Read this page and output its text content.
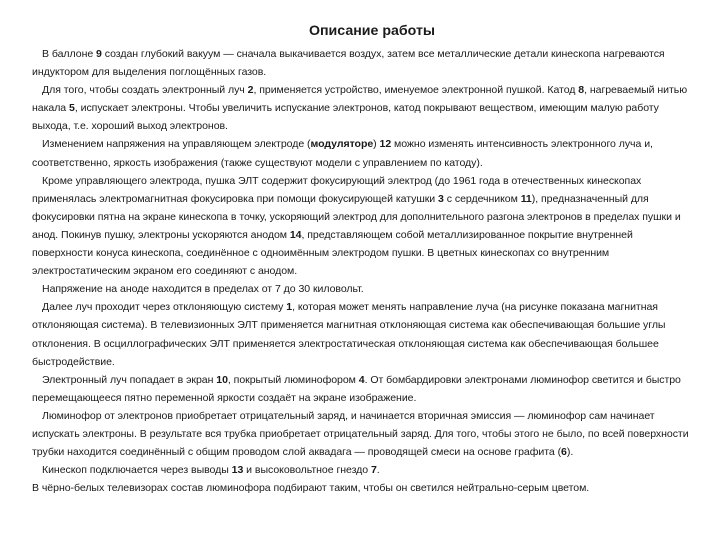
Описание работы

В баллоне 9 создан глубокий вакуум — сначала выкачивается воздух, затем все металлические детали кинескопа нагреваются индуктором для выделения поглощённых газов.

Для того, чтобы создать электронный луч 2, применяется устройство, именуемое электронной пушкой. Катод 8, нагреваемый нитью накала 5, испускает электроны. Чтобы увеличить испускание электронов, катод покрывают веществом, имеющим малую работу выхода, т.е. хороший выход электронов.

Изменением напряжения на управляющем электроде (модуляторе) 12 можно изменять интенсивность электронного луча и, соответственно, яркость изображения (также существуют модели с управлением по катоду).

Кроме управляющего электрода, пушка ЭЛТ содержит фокусирующий электрод (до 1961 года в отечественных кинескопах применялась электромагнитная фокусировка при помощи фокусирующей катушки 3 с сердечником 11), предназначенный для фокусировки пятна на экране кинескопа в точку, ускоряющий электрод для дополнительного разгона электронов в пределах пушки и анод. Покинув пушку, электроны ускоряются анодом 14, представляющем собой металлизированное покрытие внутренней поверхности конуса кинескопа, соединённое с одноимённым электродом пушки. В цветных кинескопах со внутренним электростатическим экраном его соединяют с анодом.

Напряжение на аноде находится в пределах от 7 до 30 киловольт.

Далее луч проходит через отклоняющую систему 1, которая может менять направление луча (на рисунке показана магнитная отклоняющая система). В телевизионных ЭЛТ применяется магнитная отклоняющая система как обеспечивающая большие углы отклонения. В осциллографических ЭЛТ применяется электростатическая отклоняющая система как обеспечивающая большее быстродействие.

Электронный луч попадает в экран 10, покрытый люминофором 4. От бомбардировки электронами люминофор светится и быстро перемещающееся пятно переменной яркости создаёт на экране изображение.

Люминофор от электронов приобретает отрицательный заряд, и начинается вторичная эмиссия — люминофор сам начинает испускать электроны. В результате вся трубка приобретает отрицательный заряд. Для того, чтобы этого не было, по всей поверхности трубки находится соединённый с общим проводом слой аквадага — проводящей смеси на основе графита (6).

Кинескоп подключается через выводы 13 и высоковольтное гнездо 7.

В чёрно-белых телевизорах состав люминофора подбирают таким, чтобы он светился нейтрально-серым цветом.
